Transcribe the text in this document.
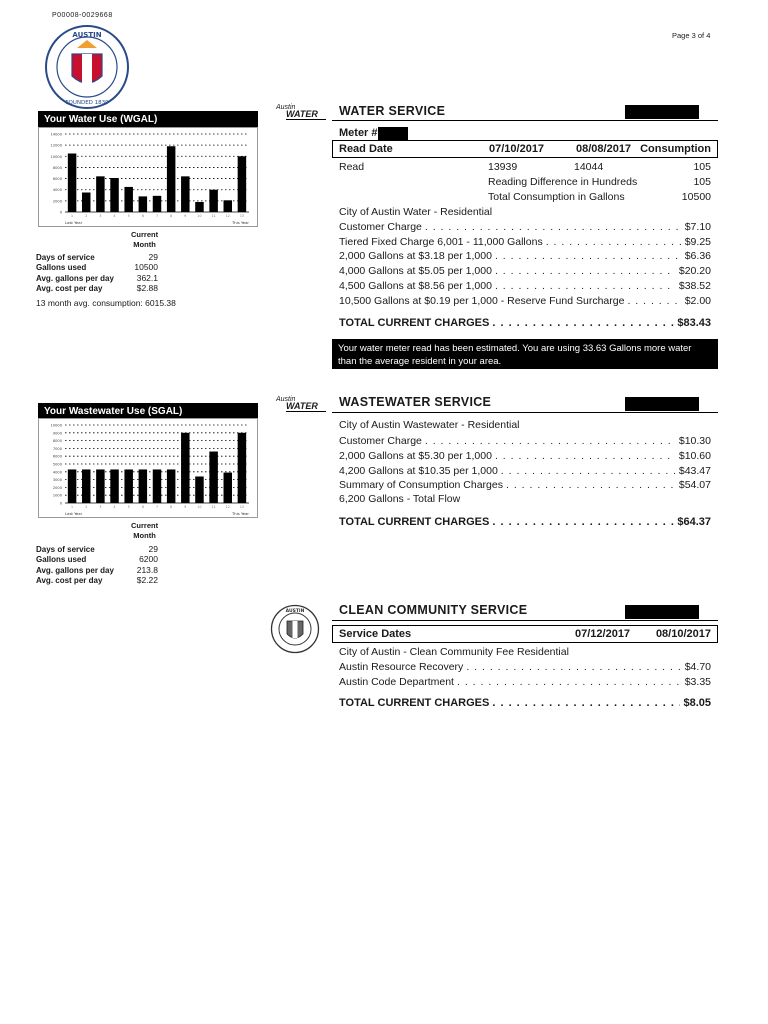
P00008-0029668
Page 3 of 4
AUSTIN
FOUNDED 1839
Your Water Use (WGAL)
14000
12000
10000
8000
6000
4000
2000
0
1	2	3	4	5	6	7	8	9	10	11	12	13
Last Year	This Year
Current
Month
Days of service	29
Gallons used	10500
Avg. gallons per day	362.1
Avg. cost per day	$2.88
13 month avg. consumption: 6015.38
Your Wastewater Use (SGAL)
10000
9000
8000
7000
6000
5000
4000
3000
2000
1000
0
1	2	3	4	5	6	7	8	9	10	11	12	13
Last Year	This Year
Current
Month
Days of service	29
Gallons used	6200
Avg. gallons per day	213.8
Avg. cost per day	$2.22
Austin
WATER	WATER SERVICE
Meter #
Read Date	07/10/2017	08/08/2017 Consumption
Read	13939	14044	105
Reading Difference in Hundreds	105
Total Consumption in Gallons	10500
City of Austin Water - Residential
Customer Charge . . .	$7.10
Tiered Fixed Charge 6,001 - 11,000 Gallons . . .	$9.25
2,000 Gallons at $3.18 per 1,000 . . .	$6.36
4,000 Gallons at $5.05 per 1,000 . . .	$20.20
4,500 Gallons at $8.56 per 1,000 . . .	$38.52
10,500 Gallons at $0.19 per 1,000 - Reserve Fund Surcharge . . .	$2.00
TOTAL CURRENT CHARGES . . .	$83.43
Your water meter read has been estimated. You are using 33.63 Gallons more water than the average resident in your area.
Austin
WATER	WASTEWATER SERVICE
City of Austin Wastewater - Residential
Customer Charge . . .	$10.30
2,000 Gallons at $5.30 per 1,000 . . .	$10.60
4,200 Gallons at $10.35 per 1,000 . . .	$43.47
Summary of Consumption Charges . . .	$54.07
6,200 Gallons - Total Flow
TOTAL CURRENT CHARGES . . .	$64.37
AUSTIN	CLEAN COMMUNITY SERVICE
Service Dates	07/12/2017 08/10/2017
City of Austin - Clean Community Fee Residential
Austin Resource Recovery . . .	$4.70
Austin Code Department . . .	$3.35
TOTAL CURRENT CHARGES . . .	$8.05
